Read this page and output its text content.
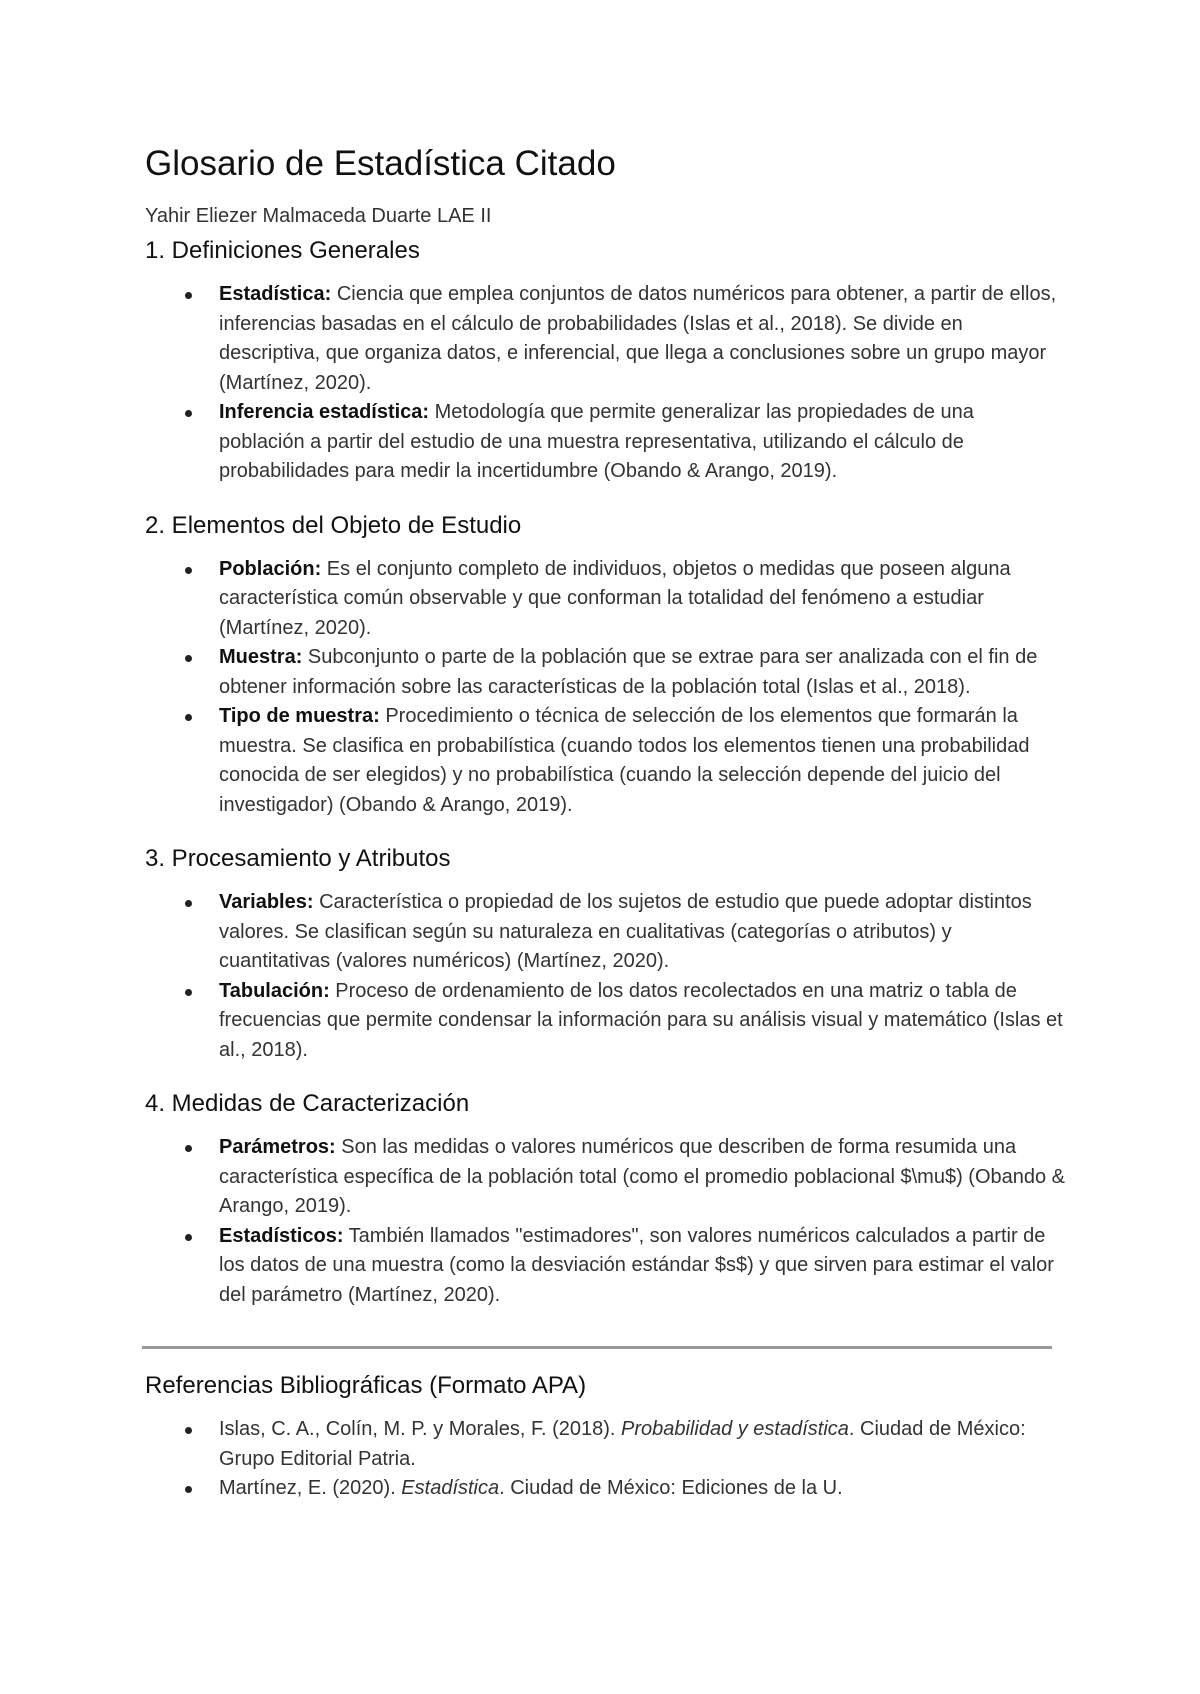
Glosario de Estadística Citado

Yahir Eliezer Malmaceda Duarte LAE II

1. Definiciones Generales
Estadística: Ciencia que emplea conjuntos de datos numéricos para obtener, a partir de ellos, inferencias basadas en el cálculo de probabilidades (Islas et al., 2018). Se divide en descriptiva, que organiza datos, e inferencial, que llega a conclusiones sobre un grupo mayor (Martínez, 2020).
Inferencia estadística: Metodología que permite generalizar las propiedades de una población a partir del estudio de una muestra representativa, utilizando el cálculo de probabilidades para medir la incertidumbre (Obando & Arango, 2019).
2. Elementos del Objeto de Estudio
Población: Es el conjunto completo de individuos, objetos o medidas que poseen alguna característica común observable y que conforman la totalidad del fenómeno a estudiar (Martínez, 2020).
Muestra: Subconjunto o parte de la población que se extrae para ser analizada con el fin de obtener información sobre las características de la población total (Islas et al., 2018).
Tipo de muestra: Procedimiento o técnica de selección de los elementos que formarán la muestra. Se clasifica en probabilística (cuando todos los elementos tienen una probabilidad conocida de ser elegidos) y no probabilística (cuando la selección depende del juicio del investigador) (Obando & Arango, 2019).
3. Procesamiento y Atributos
Variables: Característica o propiedad de los sujetos de estudio que puede adoptar distintos valores. Se clasifican según su naturaleza en cualitativas (categorías o atributos) y cuantitativas (valores numéricos) (Martínez, 2020).
Tabulación: Proceso de ordenamiento de los datos recolectados en una matriz o tabla de frecuencias que permite condensar la información para su análisis visual y matemático (Islas et al., 2018).
4. Medidas de Caracterización
Parámetros: Son las medidas o valores numéricos que describen de forma resumida una característica específica de la población total (como el promedio poblacional $\mu$) (Obando & Arango, 2019).
Estadísticos: También llamados "estimadores", son valores numéricos calculados a partir de los datos de una muestra (como la desviación estándar $s$) y que sirven para estimar el valor del parámetro (Martínez, 2020).
Referencias Bibliográficas (Formato APA)
Islas, C. A., Colín, M. P. y Morales, F. (2018). Probabilidad y estadística. Ciudad de México: Grupo Editorial Patria.
Martínez, E. (2020). Estadística. Ciudad de México: Ediciones de la U.
